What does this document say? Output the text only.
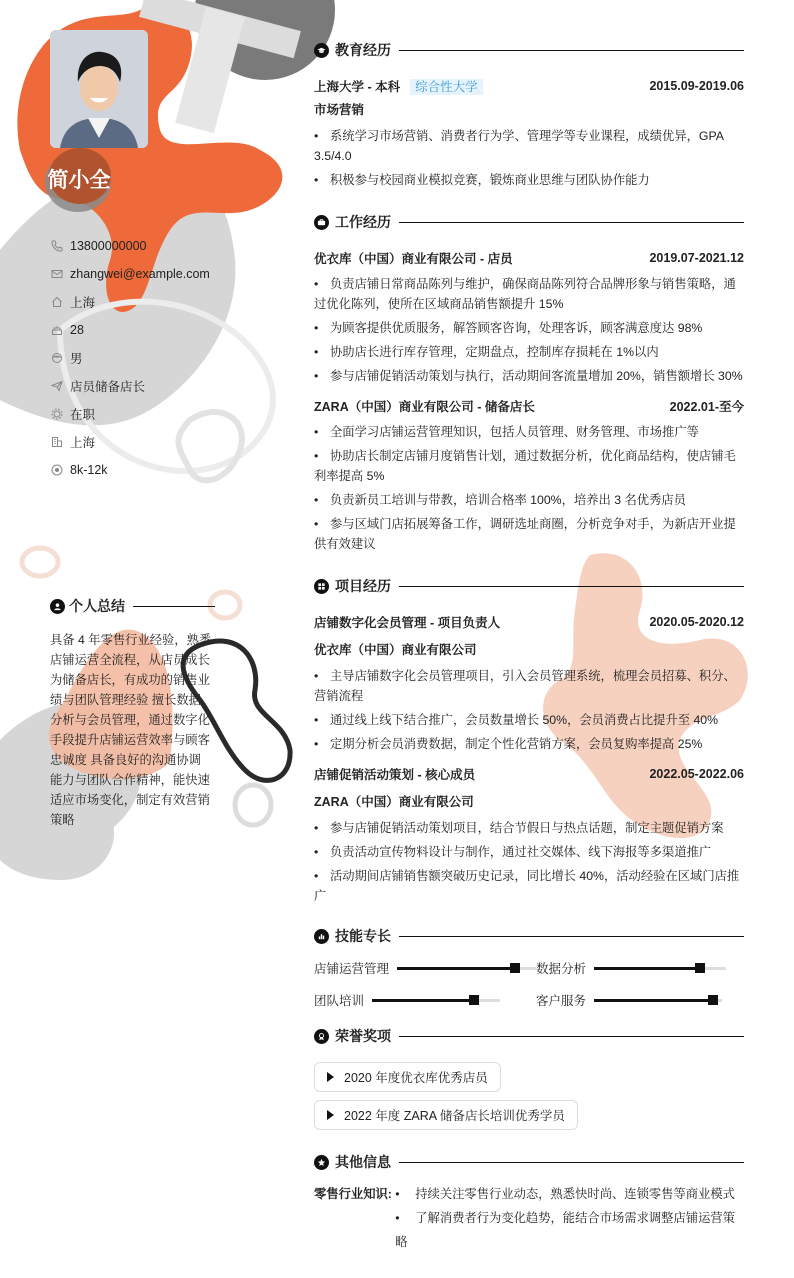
简小全
13800000000
zhangwei@example.com
上海
28
男
店员储备店长
在职
上海
8k-12k
个人总结
具备 4 年零售行业经验，熟悉店铺运营全流程，从店员成长为储备店长，有成功的销售业绩与团队管理经验 擅长数据分析与会员管理，通过数字化手段提升店铺运营效率与顾客忠诚度 具备良好的沟通协调能力与团队合作精神，能快速适应市场变化，制定有效营销策略
教育经历
上海大学 - 本科 综合性大学	2015.09-2019.06
市场营销
• 系统学习市场营销、消费者行为学、管理学等专业课程，成绩优异，GPA 3.5/4.0
• 积极参与校园商业模拟竞赛，锻炼商业思维与团队协作能力
工作经历
优衣库（中国）商业有限公司 - 店员	2019.07-2021.12
• 负责店铺日常商品陈列与维护，确保商品陈列符合品牌形象与销售策略，通过优化陈列，使所在区域商品销售额提升 15%
• 为顾客提供优质服务，解答顾客咨询，处理客诉，顾客满意度达 98%
• 协助店长进行库存管理，定期盘点，控制库存损耗在 1%以内
• 参与店铺促销活动策划与执行，活动期间客流量增加 20%，销售额增长 30%
ZARA（中国）商业有限公司 - 储备店长	2022.01-至今
• 全面学习店铺运营管理知识，包括人员管理、财务管理、市场推广等
• 协助店长制定店铺月度销售计划，通过数据分析，优化商品结构，使店铺毛利率提高 5%
• 负责新员工培训与带教，培训合格率 100%，培养出 3 名优秀店员
• 参与区域门店拓展筹备工作，调研选址商圈，分析竞争对手，为新店开业提供有效建议
项目经历
店铺数字化会员管理 - 项目负责人	2020.05-2020.12
优衣库（中国）商业有限公司
• 主导店铺数字化会员管理项目，引入会员管理系统，梳理会员招募、积分、营销流程
• 通过线上线下结合推广，会员数量增长 50%，会员消费占比提升至 40%
• 定期分析会员消费数据，制定个性化营销方案，会员复购率提高 25%
店铺促销活动策划 - 核心成员	2022.05-2022.06
ZARA（中国）商业有限公司
• 参与店铺促销活动策划项目，结合节假日与热点话题，制定主题促销方案
• 负责活动宣传物料设计与制作，通过社交媒体、线下海报等多渠道推广
• 活动期间店铺销售额突破历史记录，同比增长 40%，活动经验在区域门店推广
技能专长
店铺运营管理	数据分析
团队培训	客户服务
荣誉奖项
2020 年度优衣库优秀店员
2022 年度 ZARA 储备店长培训优秀学员
其他信息
零售行业知识:	• 持续关注零售行业动态，熟悉快时尚、连锁零售等商业模式
• 了解消费者行为变化趋势，能结合市场需求调整店铺运营策略
